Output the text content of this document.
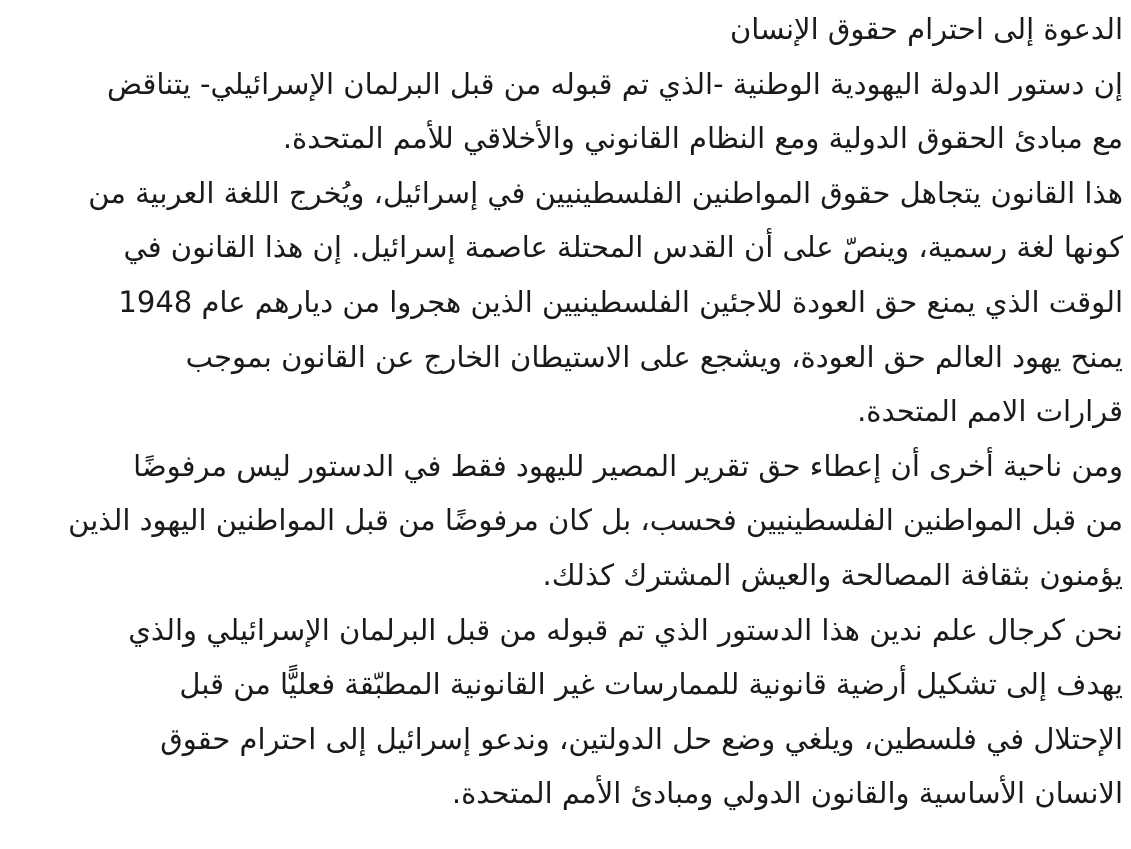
الدعوة إلى احترام حقوق الإنسان
إن دستور الدولة اليهودية الوطنية -الذي تم قبوله من قبل البرلمان الإسرائيلي- يتناقض
مع مبادئ الحقوق الدولية ومع النظام القانوني والأخلاقي للأمم المتحدة.
هذا القانون يتجاهل حقوق المواطنين الفلسطينيين في إسرائيل، ويُخرج اللغة العربية من
كونها لغة رسمية، وينصّ على أن القدس المحتلة عاصمة إسرائيل. إن هذا القانون في
الوقت الذي يمنع حق العودة للاجئين الفلسطينيين الذين هجروا من ديارهم عام 1948
يمنح يهود العالم حق العودة، ويشجع على الاستيطان الخارج عن القانون بموجب
قرارات الامم المتحدة.
ومن ناحية أخرى أن إعطاء حق تقرير المصير لليهود فقط في الدستور ليس مرفوضًا
من قبل المواطنين الفلسطينيين فحسب، بل كان مرفوضًا من قبل المواطنين اليهود الذين
يؤمنون بثقافة المصالحة والعيش المشترك كذلك.
نحن كرجال علم ندين هذا الدستور الذي تم قبوله من قبل البرلمان الإسرائيلي والذي
يهدف إلى تشكيل أرضية قانونية للممارسات غير القانونية المطبّقة فعليًّا من قبل
الإحتلال في فلسطين، ويلغي وضع حل الدولتين، وندعو إسرائيل إلى احترام حقوق
الانسان الأساسية والقانون الدولي ومبادئ الأمم المتحدة.
